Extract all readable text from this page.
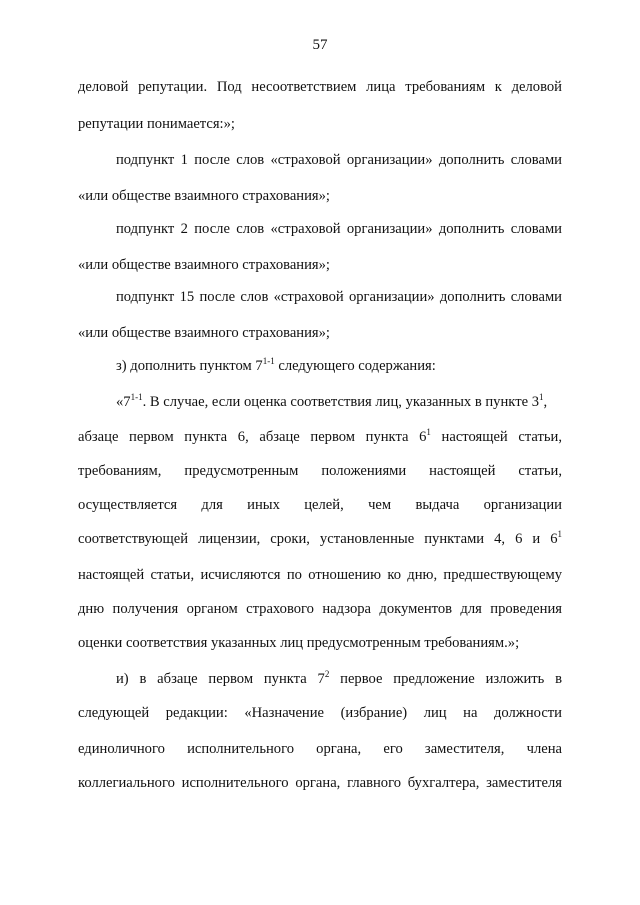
57
деловой репутации. Под несоответствием лица требованиям к деловой
репутации понимается:»;
подпункт 1 после слов «страховой организации» дополнить словами
«или обществе взаимного страхования»;
подпункт 2 после слов «страховой организации» дополнить словами
«или обществе взаимного страхования»;
подпункт 15 после слов «страховой организации» дополнить словами
«или обществе взаимного страхования»;
з) дополнить пунктом 7$^{1-1}$ следующего содержания:
«7$^{1-1}$. В случае, если оценка соответствия лиц, указанных в пункте $3^1$,
абзаце первом пункта 6, абзаце первом пункта $6^1$ настоящей статьи,
требованиям, предусмотренным положениями настоящей статьи,
осуществляется для иных целей, чем выдача организации
соответствующей лицензии, сроки, установленные пунктами 4, 6 и $6^1$
настоящей статьи, исчисляются по отношению ко дню, предшествующему
дню получения органом страхового надзора документов для проведения
оценки соответствия указанных лиц предусмотренным требованиям.»;
и) в абзаце первом пункта $7^2$ первое предложение изложить в
следующей редакции: «Назначение (избрание) лиц на должности
единоличного исполнительного органа, его заместителя, члена
коллегиального исполнительного органа, главного бухгалтера, заместителя
